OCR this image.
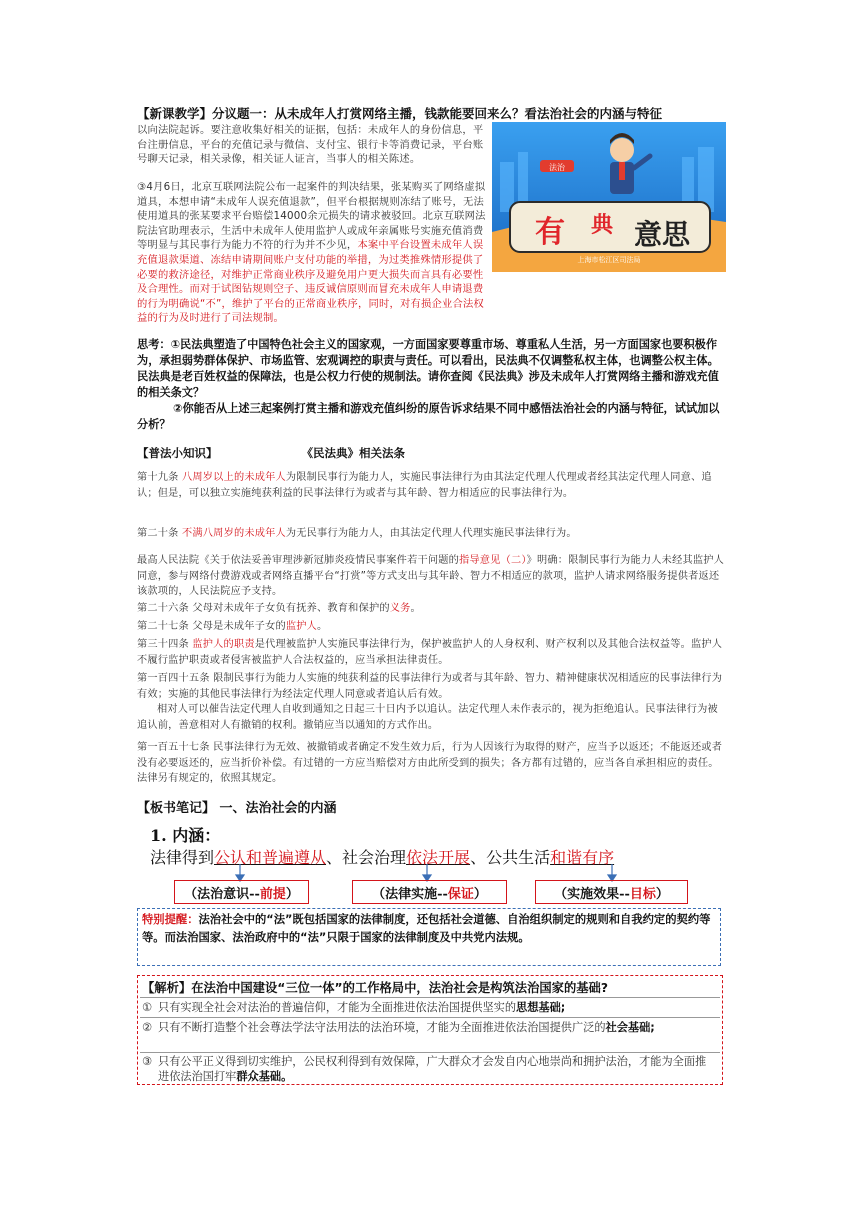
【新课教学】分议题一：从未成年人打赏网络主播，钱款能要回来么？看法治社会的内涵与特征
以向法院起诉。要注意收集好相关的证据，包括：未成年人的身份信息，平台注册信息，平台的充值记录与微信、支付宝、银行卡等消费记录，平台账号聊天记录，相关录像，相关证人证言，当事人的相关陈述。
法治
有 典 意思
上海市松江区司法局
③4月6日，北京互联网法院公布一起案件的判决结果，张某购买了网络虚拟道具，本想申请“未成年人误充值退款”，但平台根据规则冻结了账号，无法使用道具的张某要求平台赔偿14000余元损失的请求被驳回。北京互联网法院法官助理表示，生活中未成年人使用监护人或成年亲属账号实施充值消费等明显与其民事行为能力不符的行为并不少见，本案中平台设置未成年人误充值退款渠道、冻结申请期间账户支付功能的举措，为过类推殊情形提供了必要的救济途径，对维护正常商业秩序及避免用户更大损失而言具有必要性及合理性。而对于试图钻规则空子、违反诚信原则而冒充未成年人申请退费的行为明确说“不”，维护了平台的正常商业秩序，同时，对有损企业合法权益的行为及时进行了司法规制。

思考：①民法典塑造了中国特色社会主义的国家观，一方面国家要尊重市场、尊重私人生活，另一方面国家也要积极作为，承担弱势群体保护、市场监管、宏观调控的职责与责任。可以看出，民法典不仅调整私权主体，也调整公权主体。民法典是老百姓权益的保障法，也是公权力行使的规制法。请你查阅《民法典》涉及未成年人打赏网络主播和游戏充值的相关条文？

②你能否从上述三起案例打赏主播和游戏充值纠纷的原告诉求结果不同中感悟法治社会的内涵与特征，试试加以分析？

【普法小知识】	《民法典》相关法条

第十九条 八周岁以上的未成年人为限制民事行为能力人，实施民事法律行为由其法定代理人代理或者经其法定代理人同意、追认；但是，可以独立实施纯获利益的民事法律行为或者与其年龄、智力相适应的民事法律行为。

第二十条 不满八周岁的未成年人为无民事行为能力人，由其法定代理人代理实施民事法律行为。

最高人民法院《关于依法妥善审理涉新冠肺炎疫情民事案件若干问题的指导意见（二）》明确：限制民事行为能力人未经其监护人同意，参与网络付费游戏或者网络直播平台“打赏”等方式支出与其年龄、智力不相适应的款项，监护人请求网络服务提供者返还该款项的，人民法院应予支持。

第二十六条 父母对未成年子女负有抚养、教育和保护的义务。

第二十七条 父母是未成年子女的监护人。

第三十四条 监护人的职责是代理被监护人实施民事法律行为，保护被监护人的人身权利、财产权利以及其他合法权益等。监护人不履行监护职责或者侵害被监护人合法权益的，应当承担法律责任。

第一百四十五条 限制民事行为能力人实施的纯获利益的民事法律行为或者与其年龄、智力、精神健康状况相适应的民事法律行为有效；实施的其他民事法律行为经法定代理人同意或者追认后有效。

相对人可以催告法定代理人自收到通知之日起三十日内予以追认。法定代理人未作表示的，视为拒绝追认。民事法律行为被追认前，善意相对人有撤销的权利。撤销应当以通知的方式作出。

第一百五十七条 民事法律行为无效、被撤销或者确定不发生效力后，行为人因该行为取得的财产，应当予以返还；不能返还或者没有必要返还的，应当折价补偿。有过错的一方应当赔偿对方由此所受到的损失；各方都有过错的，应当各自承担相应的责任。法律另有规定的，依照其规定。

【板书笔记】 一、法治社会的内涵
1. 内涵：
法律得到公认和普遍遵从、社会治理依法开展、公共生活和谐有序
（法治意识-- 前提 ）	（法律实施-- 保证 ）	（实施效果-- 目标 ）
特别提醒：法治社会中的“法”既包括国家的法律制度，还包括社会道德、自治组织制定的规则和自我约定的契约等等。而法治国家、法治政府中的“法”只限于国家的法律制度及中共党内法规。
【解析】在法治中国建设“三位一体”的工作格局中，法治社会是构筑法治国家的基础?
① 只有实现全社会对法治的普遍信仰，才能为全面推进依法治国提供坚实的思想基础;
② 只有不断打造整个社会尊法学法守法用法的法治环境，才能为全面推进依法治国提供广泛的社会基础;
③ 只有公平正义得到切实维护，公民权利得到有效保障，广大群众才会发自内心地崇尚和拥护法治，才能为全面推进依法治国打牢群众基础。
